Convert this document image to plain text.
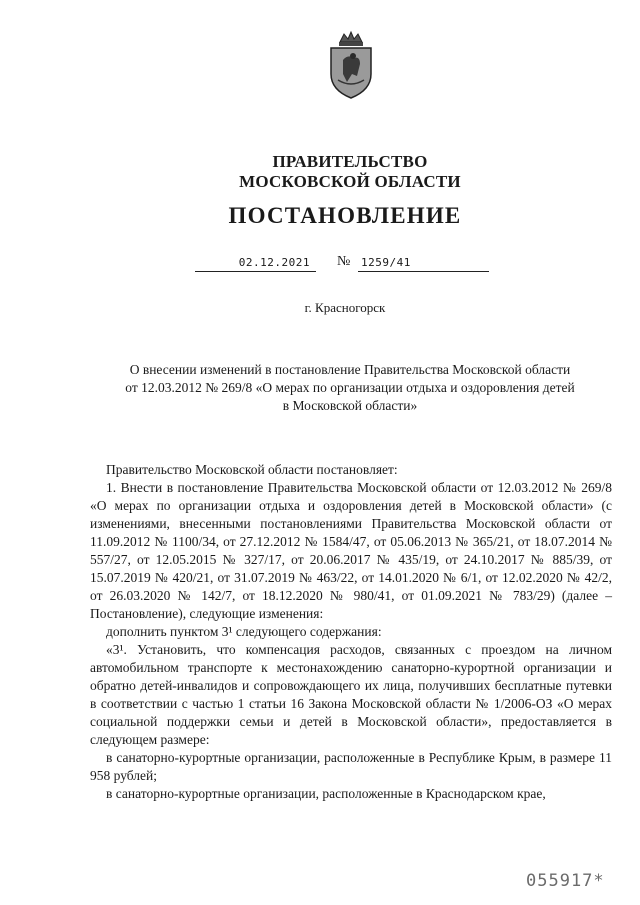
ПРАВИТЕЛЬСТВО
МОСКОВСКОЙ ОБЛАСТИ
ПОСТАНОВЛЕНИЕ
02.12.2021	№ 1259/41
г. Красногорск
О внесении изменений в постановление Правительства Московской области
от 12.03.2012 № 269/8 «О мерах по организации отдыха и оздоровления детей
в Московской области»

Правительство Московской области постановляет:

1. Внести в постановление Правительства Московской области от 12.03.2012 № 269/8 «О мерах по организации отдыха и оздоровления детей в Московской области» (с изменениями, внесенными постановлениями Правительства Московской области от 11.09.2012 № 1100/34, от 27.12.2012 № 1584/47, от 05.06.2013 № 365/21, от 18.07.2014 № 557/27, от 12.05.2015 № 327/17, от 20.06.2017 № 435/19, от 24.10.2017 № 885/39, от 15.07.2019 № 420/21, от 31.07.2019 № 463/22, от 14.01.2020 № 6/1, от 12.02.2020 № 42/2, от 26.03.2020 № 142/7, от 18.12.2020 № 980/41, от 01.09.2021 № 783/29) (далее – Постановление), следующие изменения:

дополнить пунктом 3¹ следующего содержания:

«3¹. Установить, что компенсация расходов, связанных с проездом на личном автомобильном транспорте к местонахождению санаторно-курортной организации и обратно детей-инвалидов и сопровождающего их лица, получивших бесплатные путевки в соответствии с частью 1 статьи 16 Закона Московской области № 1/2006-ОЗ «О мерах социальной поддержки семьи и детей в Московской области», предоставляется в следующем размере:

в санаторно-курортные организации, расположенные в Республике Крым, в размере 11 958 рублей;

в санаторно-курортные организации, расположенные в Краснодарском крае,

055917*
